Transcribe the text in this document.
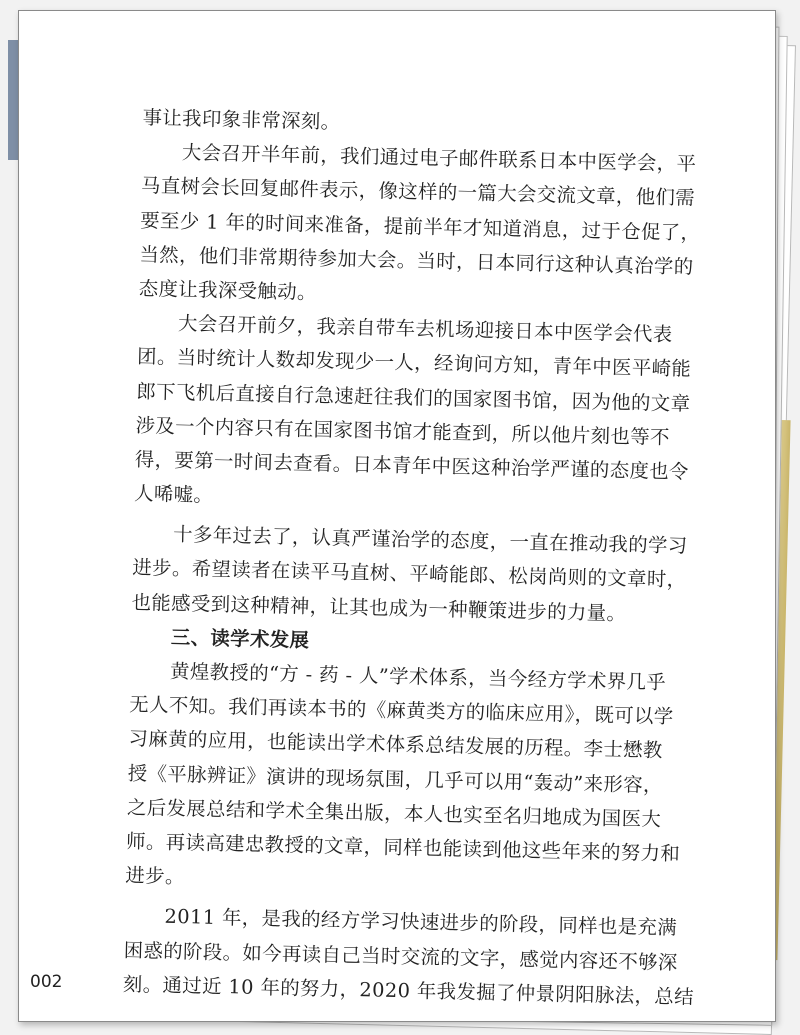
事让我印象非常深刻。
大会召开半年前，我们通过电子邮件联系日本中医学会，平
马直树会长回复邮件表示，像这样的一篇大会交流文章，他们需
要至少 1 年的时间来准备，提前半年才知道消息，过于仓促了，
当然，他们非常期待参加大会。当时，日本同行这种认真治学的
态度让我深受触动。
大会召开前夕，我亲自带车去机场迎接日本中医学会代表
团。当时统计人数却发现少一人，经询问方知，青年中医平崎能
郎下飞机后直接自行急速赶往我们的国家图书馆，因为他的文章
涉及一个内容只有在国家图书馆才能查到，所以他片刻也等不
得，要第一时间去查看。日本青年中医这种治学严谨的态度也令
人唏嘘。
十多年过去了，认真严谨治学的态度，一直在推动我的学习
进步。希望读者在读平马直树、平崎能郎、松岗尚则的文章时，
也能感受到这种精神，让其也成为一种鞭策进步的力量。
三、读学术发展
黄煌教授的“方 - 药 - 人”学术体系，当今经方学术界几乎
无人不知。我们再读本书的《麻黄类方的临床应用》，既可以学
习麻黄的应用，也能读出学术体系总结发展的历程。李士懋教
授《平脉辨证》演讲的现场氛围，几乎可以用“轰动”来形容，
之后发展总结和学术全集出版，本人也实至名归地成为国医大
师。再读高建忠教授的文章，同样也能读到他这些年来的努力和
进步。
2011 年，是我的经方学习快速进步的阶段，同样也是充满
困惑的阶段。如今再读自己当时交流的文字，感觉内容还不够深
刻。通过近 10 年的努力，2020 年我发掘了仲景阴阳脉法，总结

002
